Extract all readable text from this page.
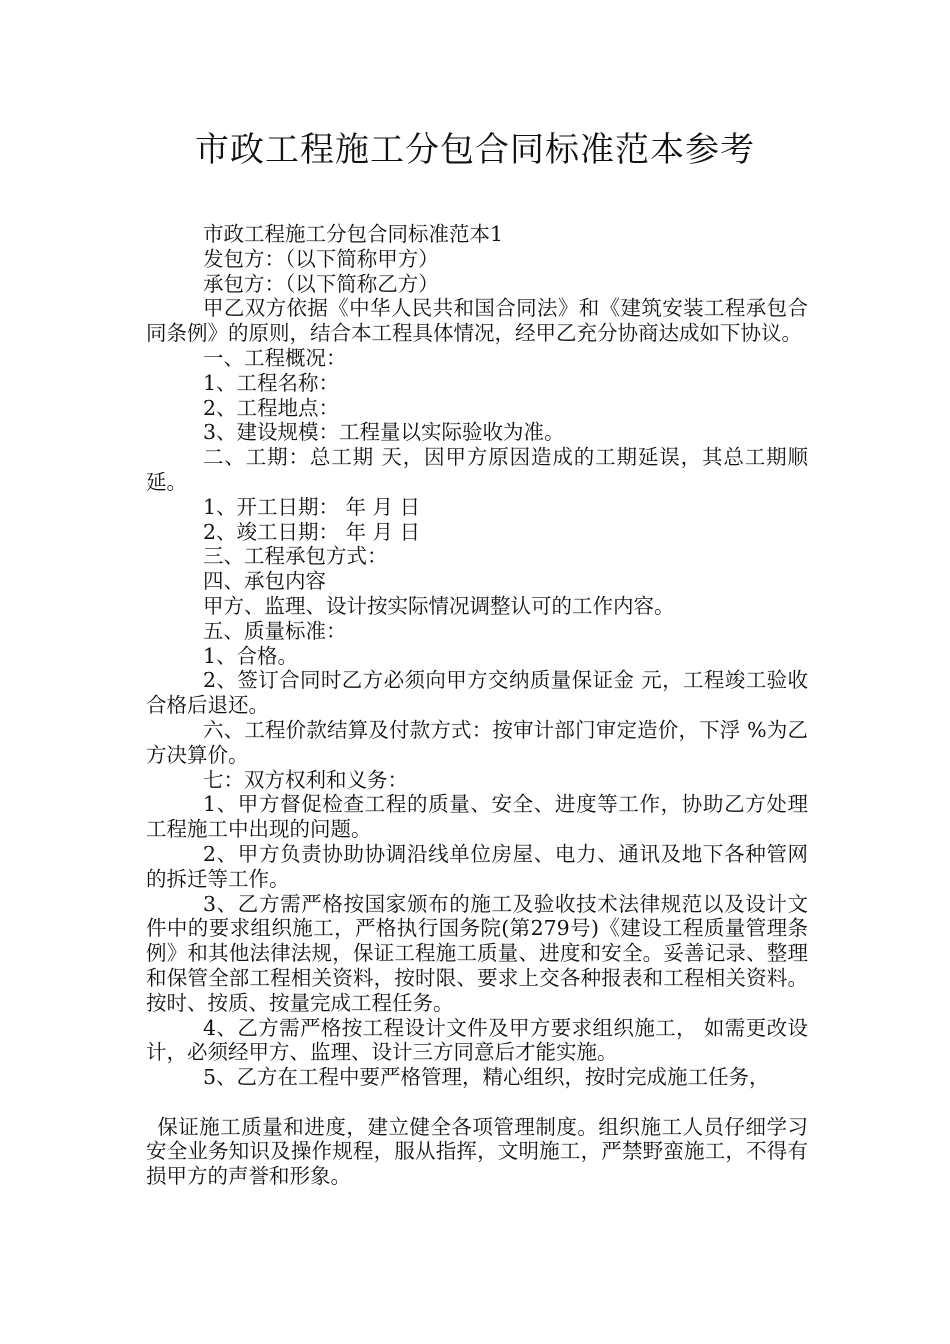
市政工程施工分包合同标准范本参考

市政工程施工分包合同标准范本1

发包方：（以下简称甲方）

承包方：（以下简称乙方）

甲乙双方依据《中华人民共和国合同法》和《建筑安装工程承包合同条例》的原则，结合本工程具体情况，经甲乙充分协商达成如下协议。

一、工程概况：

1、工程名称：

2、工程地点：

3、建设规模：工程量以实际验收为准。

二、工期：总工期 天，因甲方原因造成的工期延误，其总工期顺延。

1、开工日期： 年 月 日

2、竣工日期： 年 月 日

三、工程承包方式：

四、承包内容

甲方、监理、设计按实际情况调整认可的工作内容。

五、质量标准：

1、合格。

2、签订合同时乙方必须向甲方交纳质量保证金 元，工程竣工验收合格后退还。

六、工程价款结算及付款方式：按审计部门审定造价，下浮 %为乙方决算价。

七：双方权利和义务：

1、甲方督促检查工程的质量、安全、进度等工作，协助乙方处理工程施工中出现的问题。

2、甲方负责协助协调沿线单位房屋、电力、通讯及地下各种管网的拆迁等工作。

3、乙方需严格按国家颁布的施工及验收技术法律规范以及设计文件中的要求组织施工，严格执行国务院(第279号)《建设工程质量管理条例》和其他法律法规，保证工程施工质量、进度和安全。妥善记录、整理和保管全部工程相关资料，按时限、要求上交各种报表和工程相关资料。按时、按质、按量完成工程任务。

4、乙方需严格按工程设计文件及甲方要求组织施工， 如需更改设计，必须经甲方、监理、设计三方同意后才能实施。

5、乙方在工程中要严格管理，精心组织，按时完成施工任务，

保证施工质量和进度，建立健全各项管理制度。组织施工人员仔细学习安全业务知识及操作规程，服从指挥，文明施工，严禁野蛮施工，不得有损甲方的声誉和形象。
